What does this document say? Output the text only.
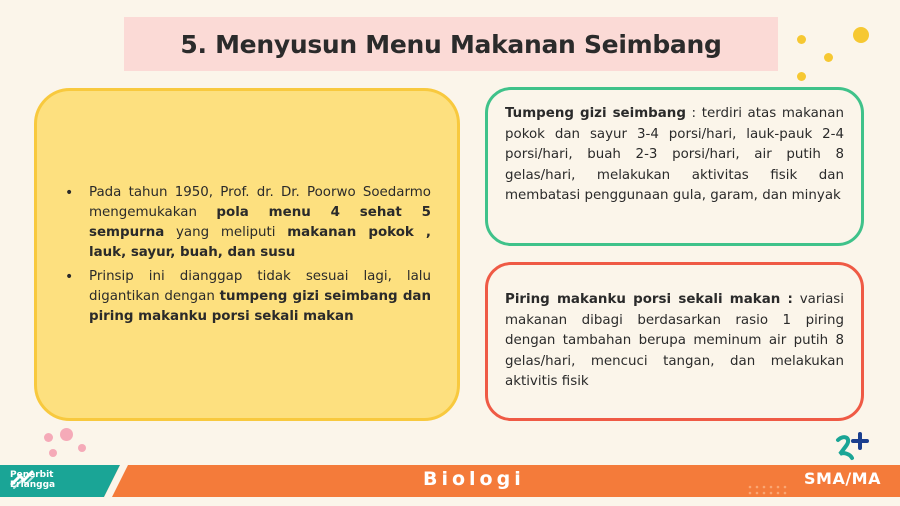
5. Menyusun Menu Makanan Seimbang
• Pada tahun 1950, Prof. dr. Dr. Poorwo Soedarmo mengemukakan pola menu 4 sehat 5 sempurna yang meliputi makanan pokok , lauk, sayur, buah, dan susu
• Prinsip ini dianggap tidak sesuai lagi, lalu digantikan dengan tumpeng gizi seimbang dan piring makanku porsi sekali makan

Tumpeng gizi seimbang : terdiri atas makanan pokok dan sayur 3-4 porsi/hari, lauk-pauk 2-4 porsi/hari, buah 2-3 porsi/hari, air putih 8 gelas/hari, melakukan aktivitas fisik dan membatasi penggunaan gula, garam, dan minyak

Piring makanku porsi sekali makan : variasi makanan dibagi berdasarkan rasio 1 piring dengan tambahan berupa meminum air putih 8 gelas/hari, mencuci tangan, dan melakukan aktivitis fisik

Penerbit
Erlangga	Biologi	SMA/MA
